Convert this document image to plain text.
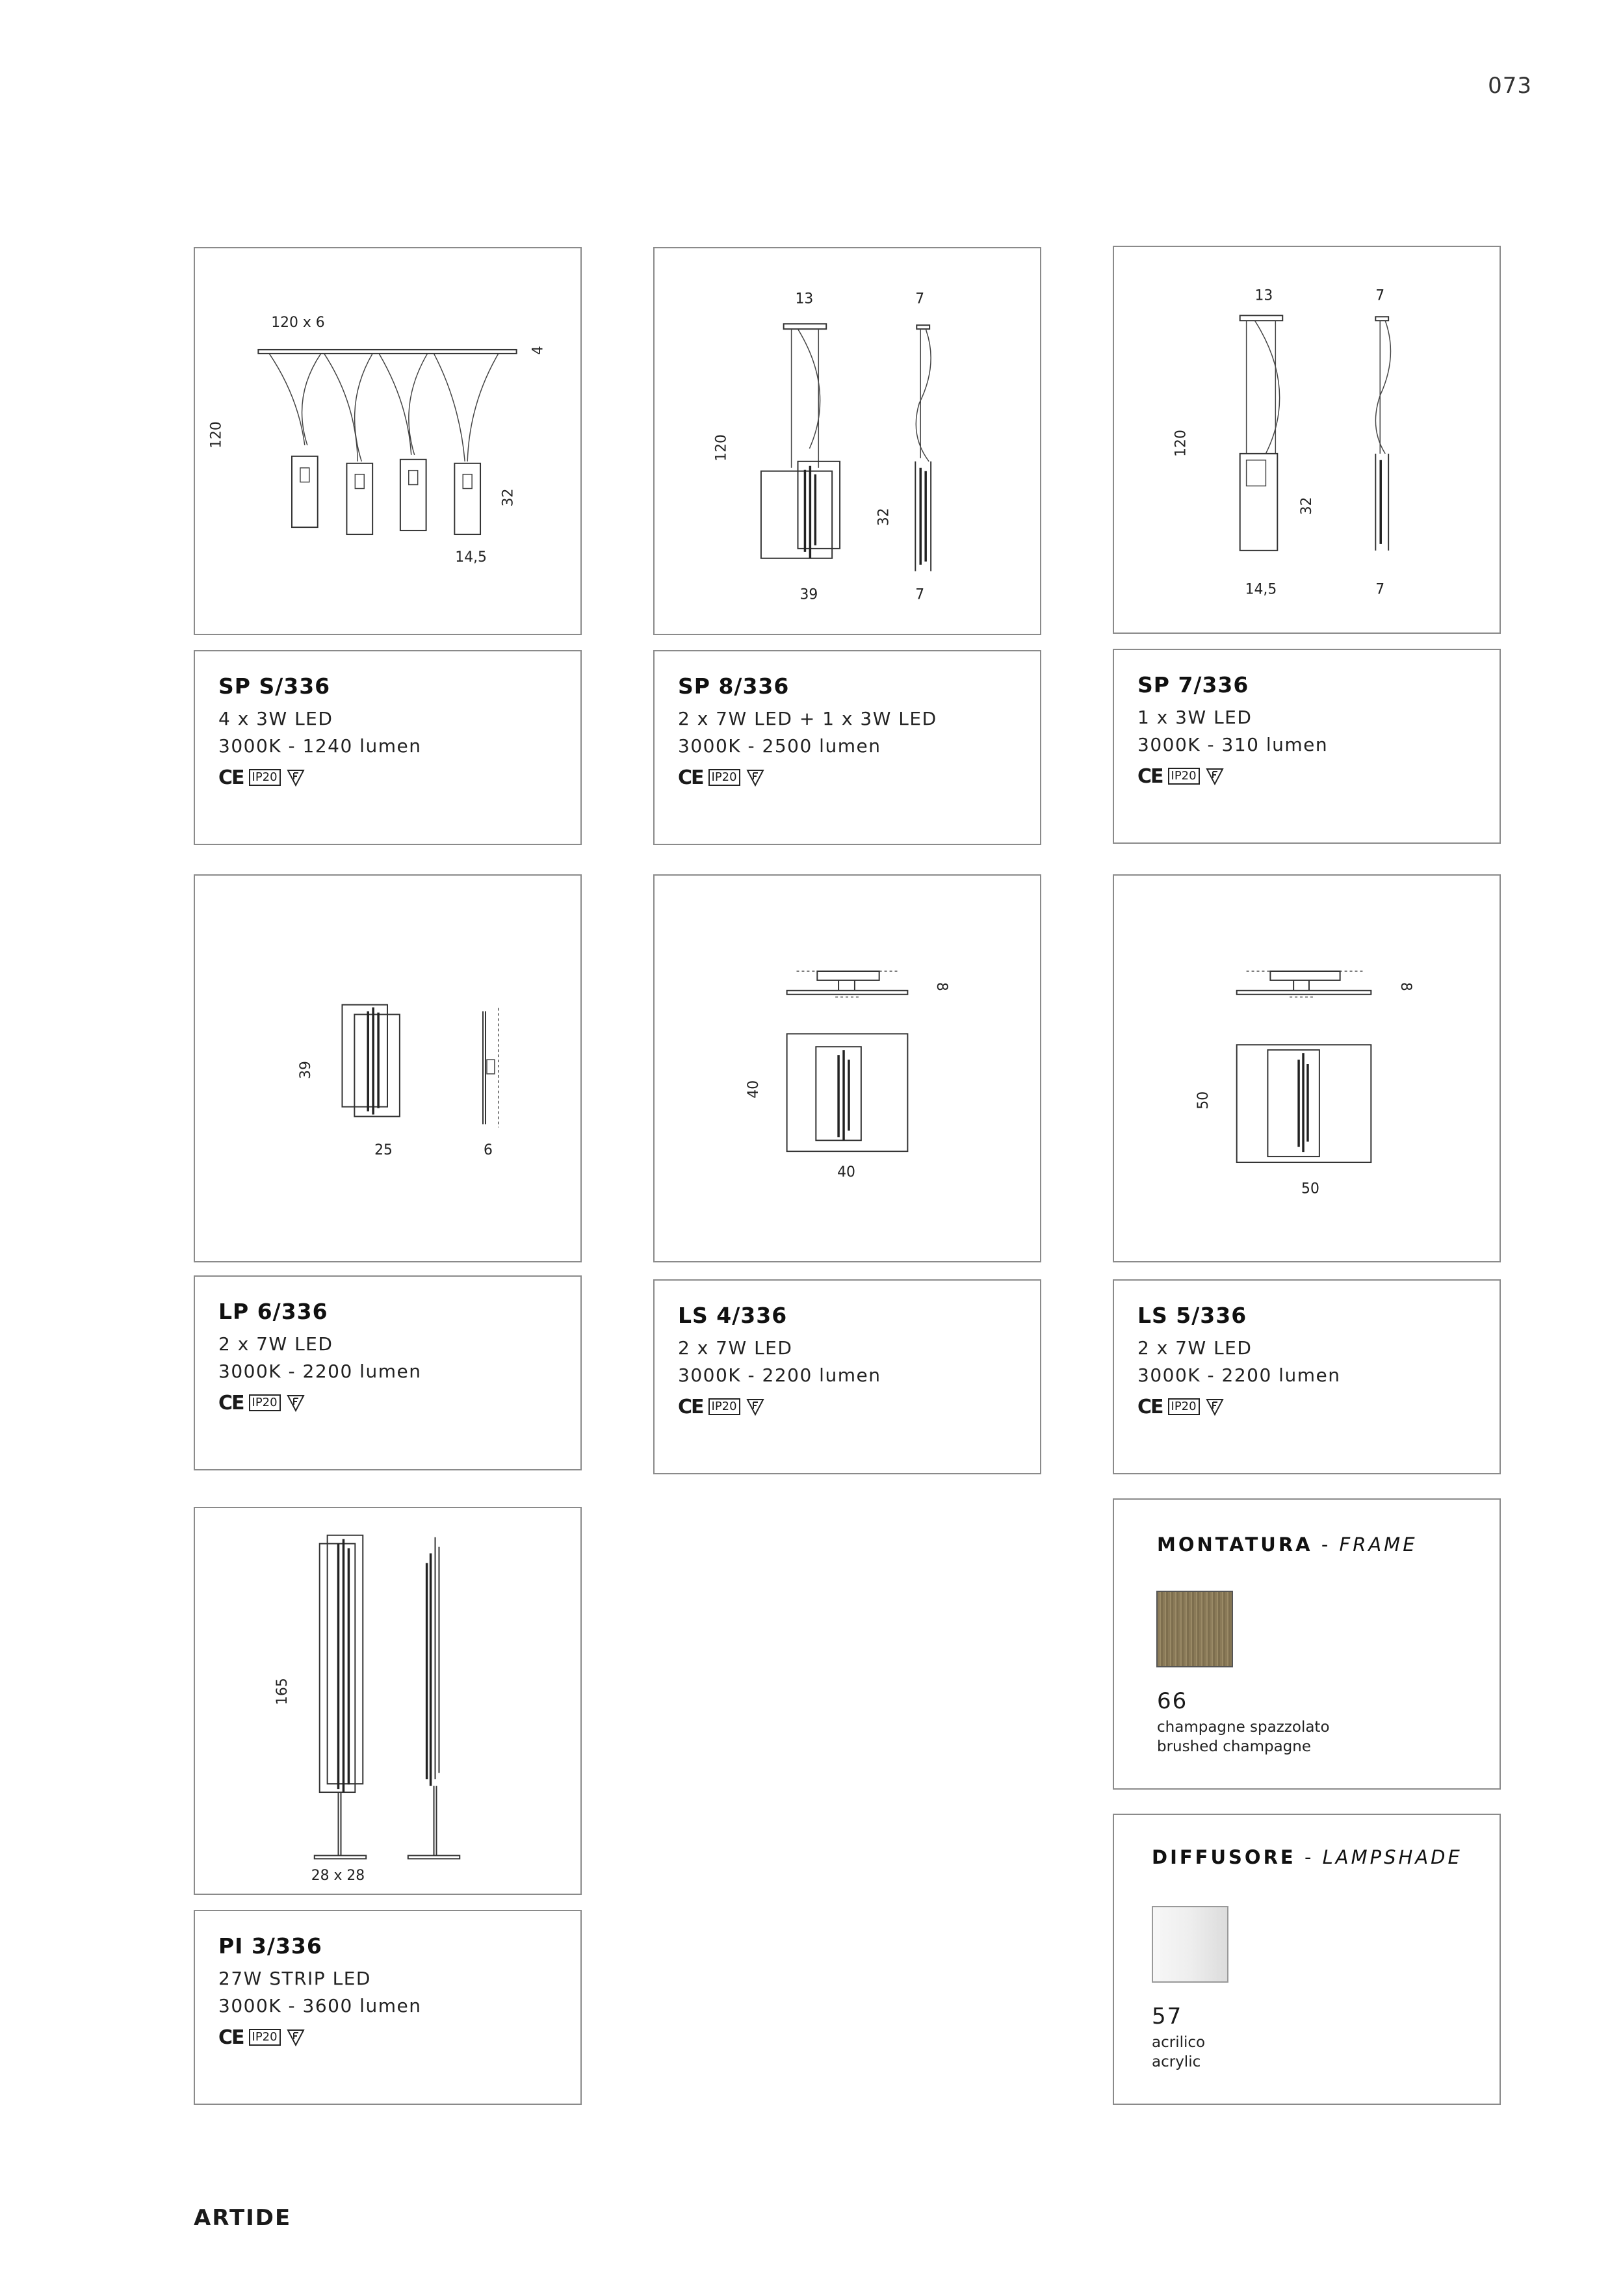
073
120 x 6
4
120
32
14,5
13	7
120
32
39	7
13	7
120
32
14,5	7
SP S/336
4 x 3W LED
3000K - 1240 lumen
CE IP20
SP 8/336
2 x 7W LED + 1 x 3W LED
3000K - 2500 lumen
CE IP20
SP 7/336
1 x 3W LED
3000K - 310 lumen
CE IP20
39
25	6
8
40
40
8
50
50
LP 6/336
2 x 7W LED
3000K - 2200 lumen
CE IP20
LS 4/336
2 x 7W LED
3000K - 2200 lumen
CE IP20
LS 5/336
2 x 7W LED
3000K - 2200 lumen
CE IP20
165
28 x 28
PI 3/336
27W STRIP LED
3000K - 3600 lumen
CE IP20
MONTATURA - FRAME
66
champagne spazzolato
brushed champagne
DIFFUSORE - LAMPSHADE
57
acrilico
acrylic
ARTIDE
